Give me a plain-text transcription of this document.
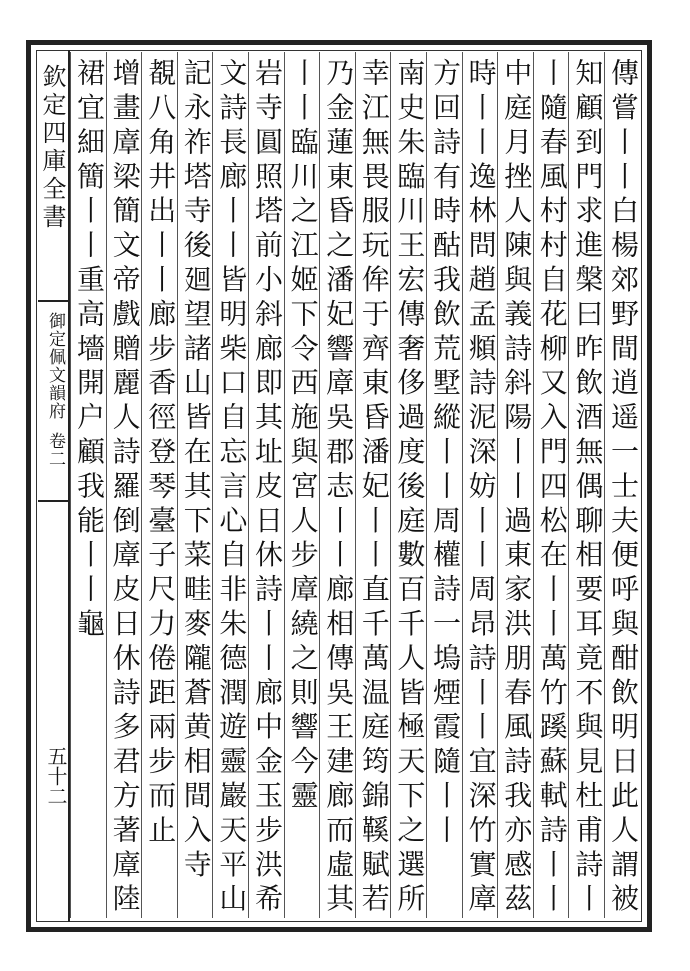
欽定四庫全書
御定佩文韻府
卷二
五十二	傳嘗丨丨白楊郊野間逍遥一士夫便呼與酣飲明日此人謂被
知顧到門求進槃曰昨飲酒無偶聊相要耳竟不與見杜甫詩丨
丨隨春風村村自花柳又入門四松在丨丨萬竹蹊蘇軾詩丨丨
中庭月挫人陳與義詩斜陽丨丨過東家洪朋春風詩我亦感茲
時丨丨逸林問趙孟頫詩泥深妨丨丨周昂詩丨丨宜深竹實㢓
方回詩有時酤我飲荒墅縱丨丨周權詩一塢煙霞隨丨丨
南史朱臨川王宏傳奢侈過度後庭數百千人皆極天下之選所
幸江無畏服玩侔于齊東昏潘妃丨丨直千萬温庭筠錦鞵賦若
乃金蓮東昏之潘妃響㢓吳郡志丨丨廊相傳吳王建廊而虛其
丨丨臨川之江姬下令西施與宮人步㢓繞之則響今靈
岩寺圓照塔前小斜廊即其址皮日休詩丨丨廊中金玉步洪希
文詩長廊丨丨皆明柴口自忘言心自非朱德潤遊靈巖天平山
記永祚塔寺後廻望諸山皆在其下菜畦麥隴蒼黄相間入寺
覩八角井出丨丨廊步香徑登琴臺子尺力倦距兩步而止
增畫㢓梁簡文帝戲贈麗人詩羅倒㢓皮日休詩多君方著㢓陸
裙宜細簡丨丨重高墻開户顧我能丨丨龜
